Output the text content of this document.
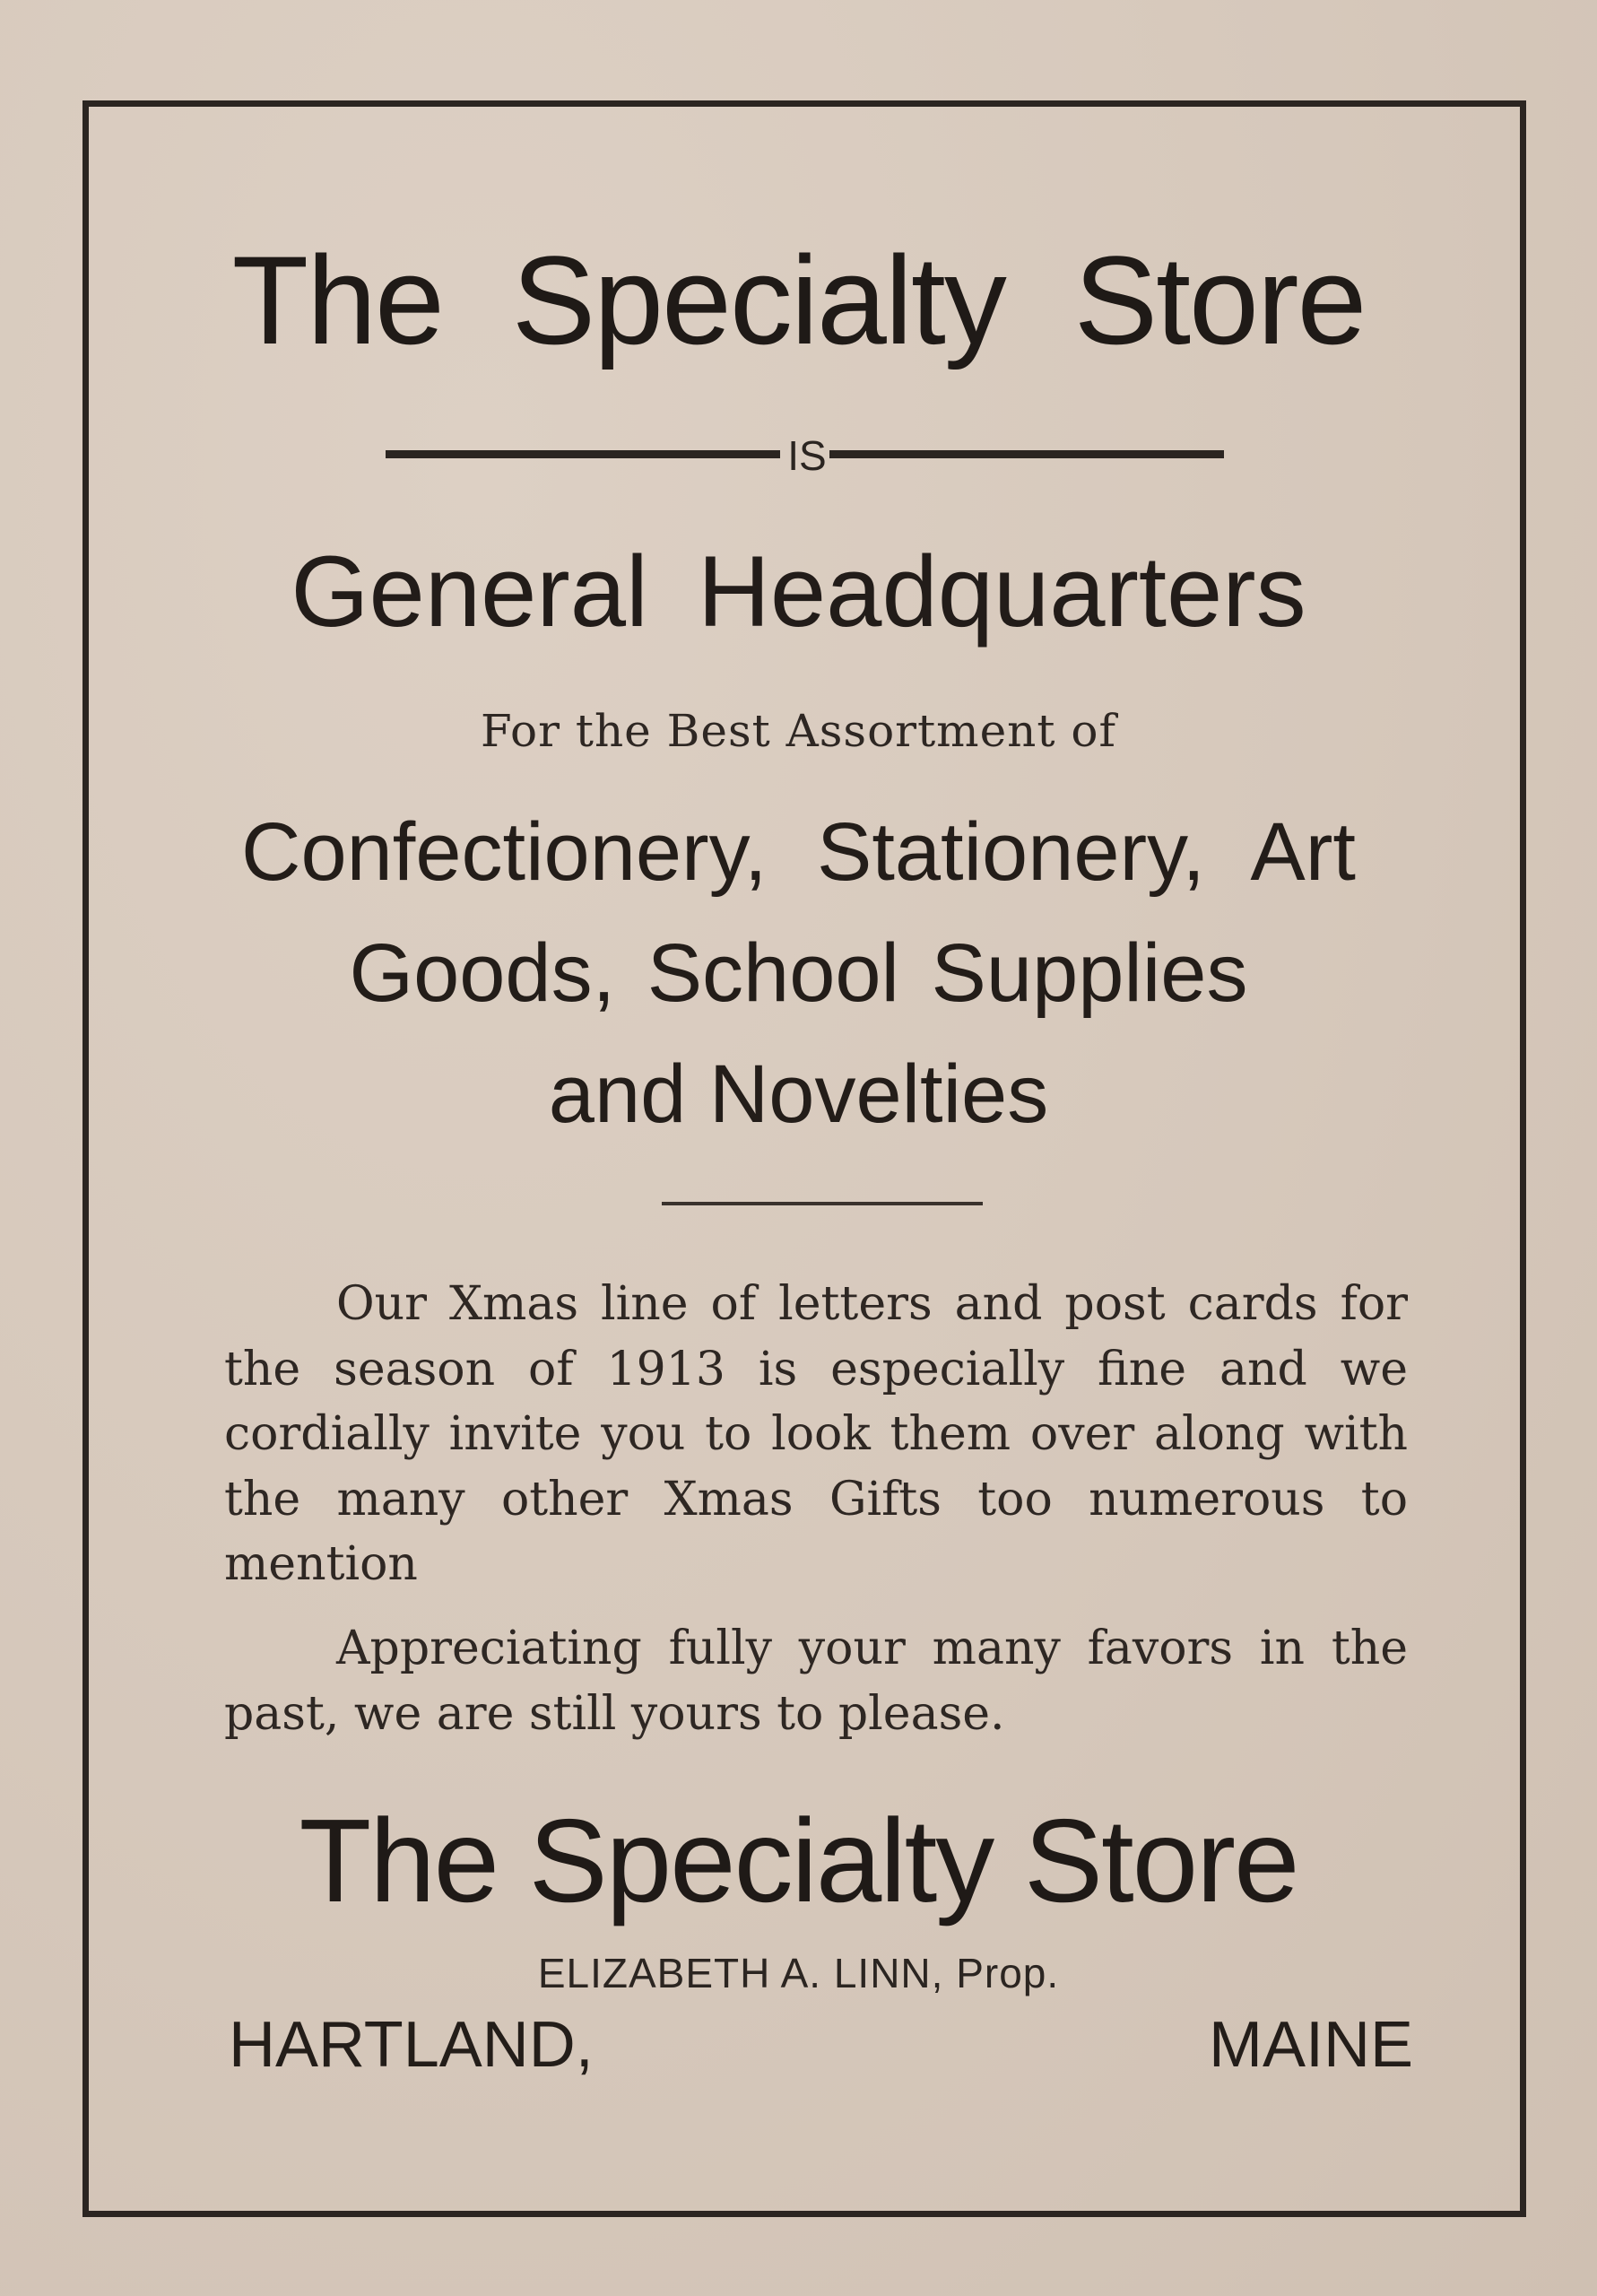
The Specialty Store
IS
General Headquarters
For the Best Assortment of
Confectionery, Stationery, Art
Goods, School Supplies
and Novelties
Our Xmas line of letters and post cards for the season of 1913 is especially fine and we cordially invite you to look them over along with the many other Xmas Gifts too numerous to mention
Appreciating fully your many favors in the past, we are still yours to please.
The Specialty Store
ELIZABETH A. LINN, Prop.
HARTLAND,	MAINE
